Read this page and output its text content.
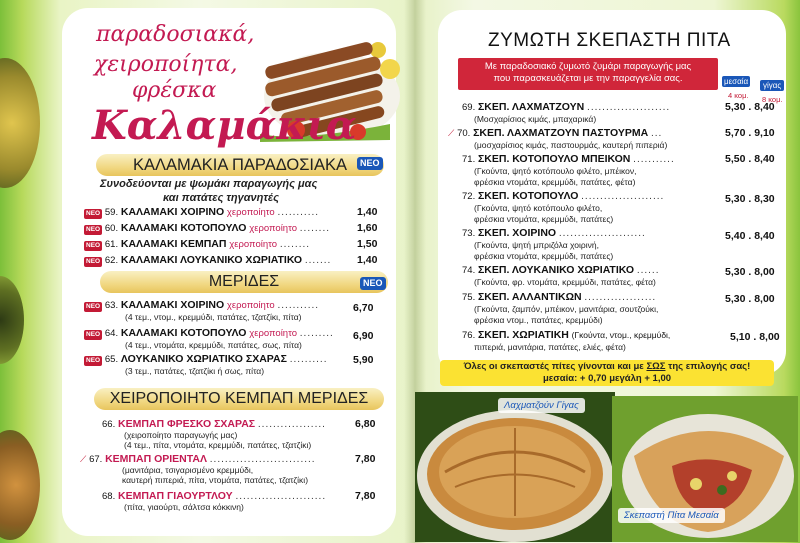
παραδοσιακά,
χειροποίητα,
φρέσκα
Καλαμάκια
ΚΑΛΑΜΑΚΙΑ ΠΑΡΑΔΟΣΙΑΚΑ	ΝΕΟ
Συνοδεύονται με ψωμάκι παραγωγής μας
και πατάτες τηγανητές
ΝΕΟ 59. ΚΑΛΑΜΑΚΙ ΧΟΙΡΙΝΟ χεροποίητο ...........	1,40
ΝΕΟ 60. ΚΑΛΑΜΑΚΙ ΚΟΤΟΠΟΥΛΟ χεροποίητο ........	1,60
ΝΕΟ 61. ΚΑΛΑΜΑΚΙ ΚΕΜΠΑΠ χεροποίητο ........	1,50
ΝΕΟ 62. ΚΑΛΑΜΑΚΙ ΛΟΥΚΑΝΙΚΟ ΧΩΡΙΑΤΙΚΟ ....... 1,40
ΜΕΡΙΔΕΣ	ΝΕΟ
ΝΕΟ 63. ΚΑΛΑΜΑΚΙ ΧΟΙΡΙΝΟ χεροποίητο ...........	6,70
(4 τεμ., ντομ., κρεμμύδι, πατάτες, τζατζίκι, πίτα)
ΝΕΟ 64. ΚΑΛΑΜΑΚΙ ΚΟΤΟΠΟΥΛΟ χεροποίητο ......... 6,90
(4 τεμ., ντομάτα, κρεμμύδι, πατάτες, σως, πίτα)
ΝΕΟ 65. ΛΟΥΚΑΝΙΚΟ ΧΩΡΙΑΤΙΚΟ ΣΧΑΡΑΣ .......... 5,90
(3 τεμ., πατάτες, τζατζίκι ή σως, πίτα)
ΧΕΙΡΟΠΟΙΗΤΟ ΚΕΜΠΑΠ ΜΕΡΙΔΕΣ
66. ΚΕΜΠΑΠ ΦΡΕΣΚΟ ΣΧΑΡΑΣ ..................	6,80
(χειροποίητο παραγωγής μας)
(4 τεμ., πίτα, ντομάτα, κρεμμύδι, πατάτες, τζατζίκι)
⟋ 67. ΚΕΜΠΑΠ ΟΡΙΕΝΤΑΛ ............................	7,80
(μανιτάρια, τσιγαρισμένο κρεμμύδι,
καυτερή πιπεριά, πίτα, ντομάτα, πατάτες, τζατζίκι)
68. ΚΕΜΠΑΠ ΓΙΑΟΥΡΤΛΟΥ ........................	7,80
(πίτα, γιαούρτι, σάλτσα κόκκινη)
ΖΥΜΩΤΗ ΣΚΕΠΑΣΤΗ ΠΙΤΑ
Με παραδοσιακό ζυμωτό ζυμάρι παραγωγής μας
που παρασκευάζεται με την παραγγελία σας.	μεσαία
4 κομ.
γίγας
8 κομ.
69. ΣΚΕΠ. ΛΑΧΜΑΤΖΟΥΝ ......................	5,30 . 8,40
(Μοσχαρίσιος κιμάς, μπαχαρικά)
⟋ 70. ΣΚΕΠ. ΛΑΧΜΑΤΖΟΥΝ ΠΑΣΤΟΥΡΜΑ ...	5,70 . 9,10
(μοσχαρίσιος κιμάς, παστουρμάς, καυτερή πιπεριά)
71. ΣΚΕΠ. ΚΟΤΟΠΟΥΛΟ ΜΠΕΙΚΟΝ ...........	5,50 . 8,40
(Γκούντα, ψητό κοτόπουλο φιλέτο, μπέικον,
φρέσκια ντομάτα, κρεμμύδι, πατάτες, φέτα)
72. ΣΚΕΠ. ΚΟΤΟΠΟΥΛΟ ......................	5,30 . 8,30
(Γκούντα, ψητό κοτόπουλο φιλέτο,
φρέσκια ντομάτα, κρεμμύδι, πατάτες)
73. ΣΚΕΠ. ΧΟΙΡΙΝΟ .......................	5,40 . 8,40
(Γκούντα, ψητή μπριζόλα χοιρινή,
φρέσκια ντομάτα, κρεμμύδι, πατάτες)
74. ΣΚΕΠ. ΛΟΥΚΑΝΙΚΟ ΧΩΡΙΑΤΙΚΟ ......	5,30 . 8,00
(Γκούντα, φρ. ντομάτα, κρεμμύδι, πατάτες, φέτα)
75. ΣΚΕΠ. ΑΛΛΑΝΤΙΚΩΝ ...................	5,30 . 8,00
(Γκούντα, ζαμπόν, μπέικον, μανιτάρια, σουτζούκι,
φρέσκια ντομ., πατάτες, κρεμμύδι)
76. ΣΚΕΠ. ΧΩΡΙΑΤΙΚΗ (Γκούντα, ντομ., κρεμμύδι,	5,10 . 8,00
πιπεριά, μανιτάρια, πατάτες, ελιές, φέτα)
Όλες οι σκεπαστές πίτες γίνονται και με ΣΩΣ της επιλογής σας!
μεσαία: + 0,70 μεγάλη + 1,00
Λαχματζούν Γίγας
Σκεπαστή Πίτα Μεσαία
